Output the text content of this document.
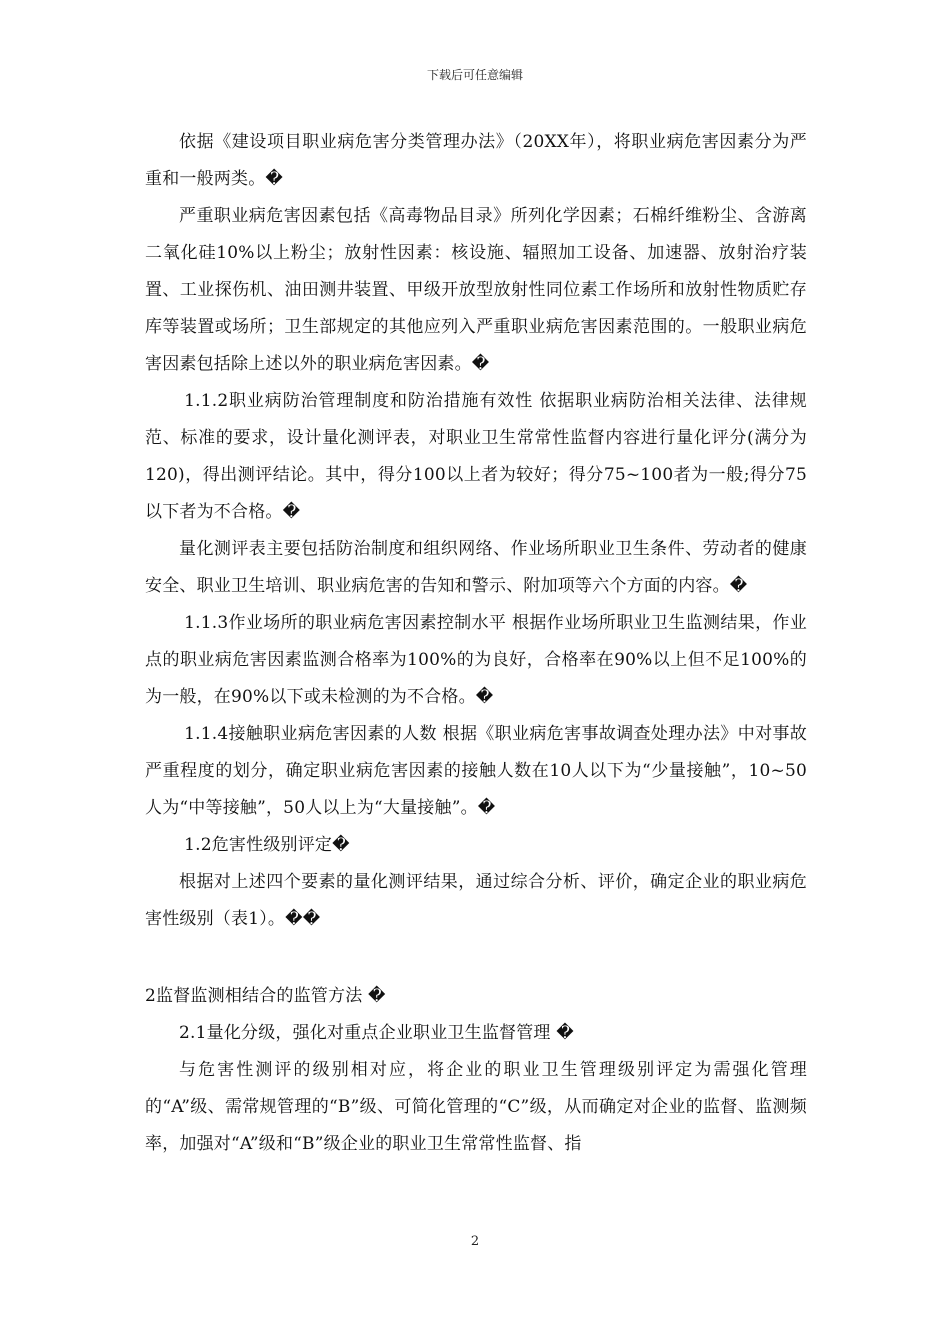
下载后可任意编辑

依据《建设项目职业病危害分类管理办法》（20XX年），将职业病危害因素分为严重和一般两类。�

严重职业病危害因素包括《高毒物品目录》所列化学因素；石棉纤维粉尘、含游离二氧化硅10%以上粉尘；放射性因素：核设施、辐照加工设备、加速器、放射治疗装置、工业探伤机、油田测井装置、甲级开放型放射性同位素工作场所和放射性物质贮存库等装置或场所；卫生部规定的其他应列入严重职业病危害因素范围的。一般职业病危害因素包括除上述以外的职业病危害因素。�

1.1.2职业病防治管理制度和防治措施有效性 依据职业病防治相关法律、法律规范、标准的要求，设计量化测评表，对职业卫生常常性监督内容进行量化评分(满分为120)，得出测评结论。其中，得分100以上者为较好；得分75~100者为一般;得分75以下者为不合格。�

量化测评表主要包括防治制度和组织网络、作业场所职业卫生条件、劳动者的健康安全、职业卫生培训、职业病危害的告知和警示、附加项等六个方面的内容。�

1.1.3作业场所的职业病危害因素控制水平 根据作业场所职业卫生监测结果，作业点的职业病危害因素监测合格率为100%的为良好，合格率在90%以上但不足100%的为一般，在90%以下或未检测的为不合格。�

1.1.4接触职业病危害因素的人数 根据《职业病危害事故调查处理办法》中对事故严重程度的划分，确定职业病危害因素的接触人数在10人以下为“少量接触”，10~50人为“中等接触”，50人以上为“大量接触”。�

1.2危害性级别评定�

根据对上述四个要素的量化测评结果，通过综合分析、评价，确定企业的职业病危害性级别（表1）。��

2监督监测相结合的监管方法 �

2.1量化分级，强化对重点企业职业卫生监督管理 �

与危害性测评的级别相对应，将企业的职业卫生管理级别评定为需强化管理的“A”级、需常规管理的“B”级、可简化管理的“C”级，从而确定对企业的监督、监测频率，加强对“A”级和“B”级企业的职业卫生常常性监督、指

2
